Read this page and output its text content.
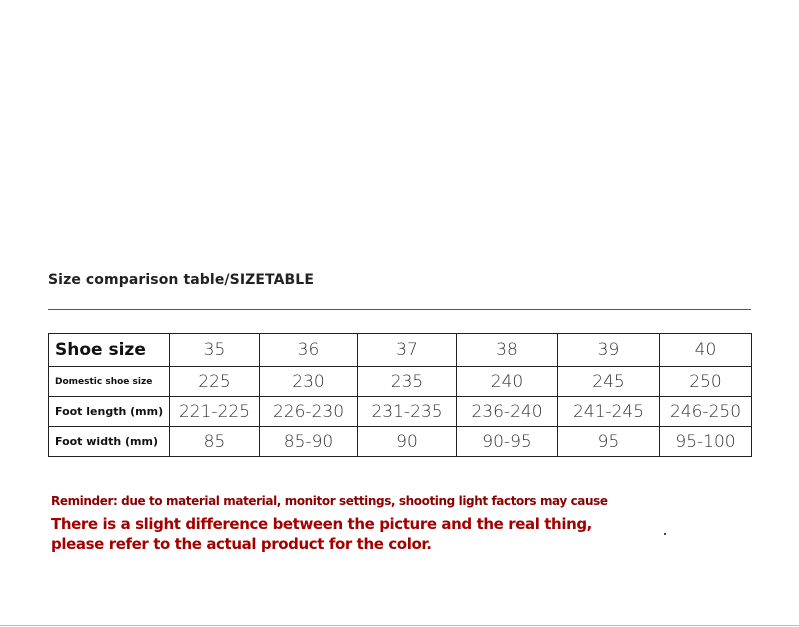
Size comparison table/SIZETABLE
Shoe size	35	36	37	38	39	40
Domestic shoe size	225	230	235	240	245	250
Foot length (mm)	221-225	226-230	231-235	236-240	241-245	246-250
Foot width (mm)	85	85-90	90	90-95	95	95-100
Reminder: due to material material, monitor settings, shooting light factors may cause
There is a slight difference between the picture and the real thing,
please refer to the actual product for the color.
